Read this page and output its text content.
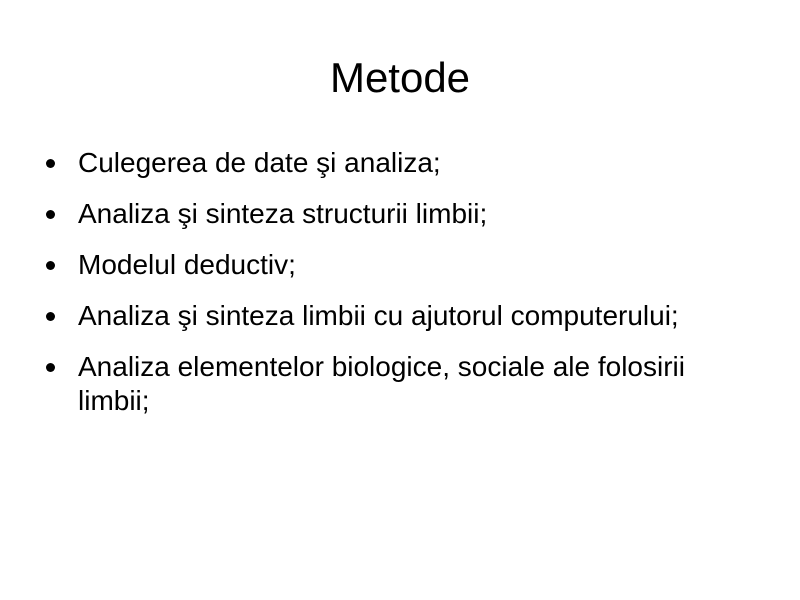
Metode
Culegerea de date şi analiza;
Analiza şi sinteza structurii limbii;
Modelul deductiv;
Analiza şi sinteza limbii cu ajutorul computerului;
Analiza elementelor biologice, sociale ale folosirii limbii;
